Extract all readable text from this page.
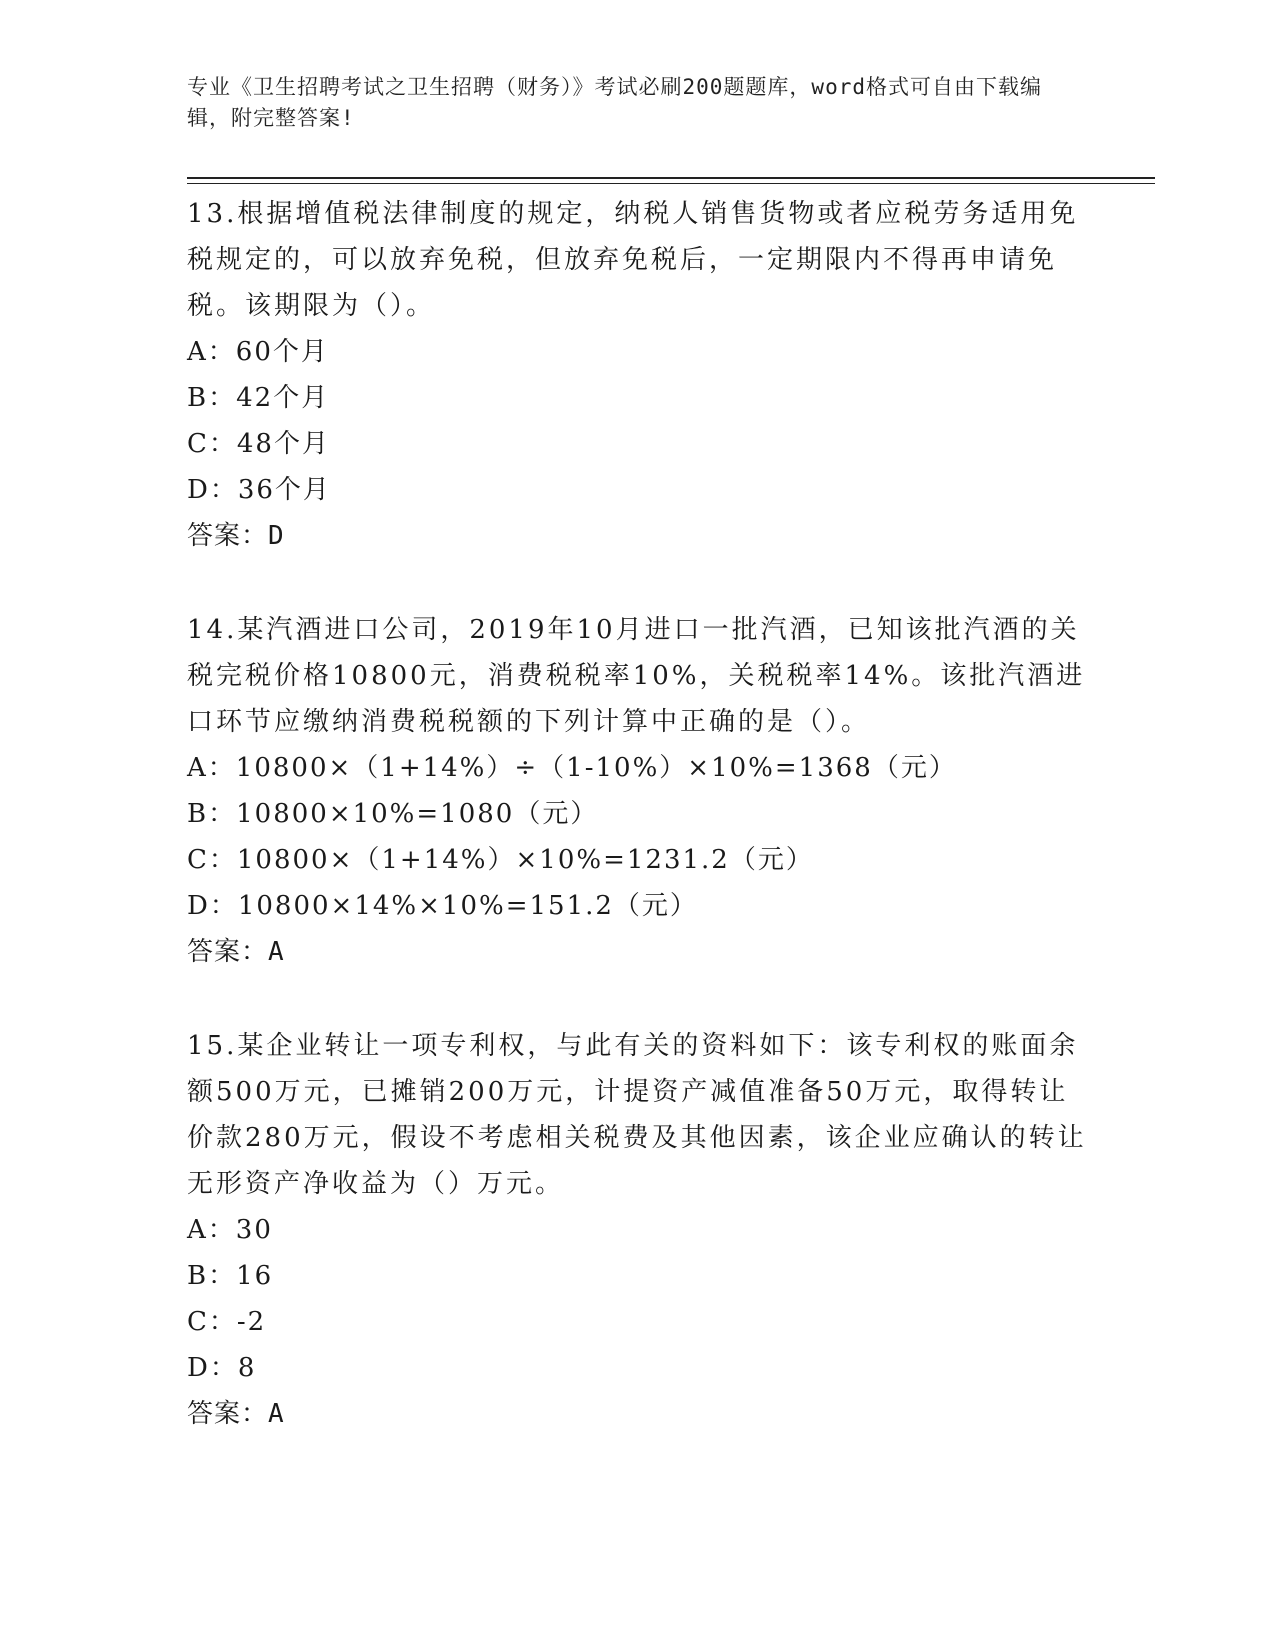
专业《卫生招聘考试之卫生招聘（财务）》考试必刷200题题库，word格式可自由下载编辑，附完整答案!

13.根据增值税法律制度的规定，纳税人销售货物或者应税劳务适用免税规定的，可以放弃免税，但放弃免税后，一定期限内不得再申请免税。该期限为（）。

A：60个月

B：42个月

C：48个月

D：36个月

答案：D

14.某汽酒进口公司，2019年10月进口一批汽酒，已知该批汽酒的关税完税价格10800元，消费税税率10%，关税税率14%。该批汽酒进口环节应缴纳消费税税额的下列计算中正确的是（）。

A：10800×（1+14%）÷（1-10%）×10%=1368（元）

B：10800×10%=1080（元）

C：10800×（1+14%）×10%=1231.2（元）

D：10800×14%×10%=151.2（元）

答案：A

15.某企业转让一项专利权，与此有关的资料如下：该专利权的账面余额500万元，已摊销200万元，计提资产减值准备50万元，取得转让价款280万元，假设不考虑相关税费及其他因素，该企业应确认的转让无形资产净收益为（）万元。

A：30

B：16

C：-2

D：8

答案：A
